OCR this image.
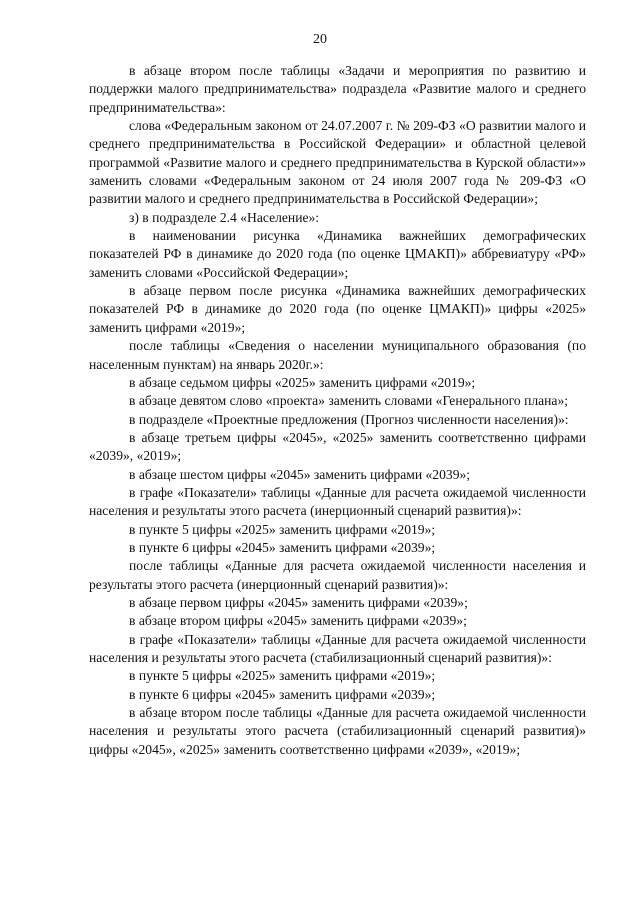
20

в абзаце втором после таблицы «Задачи и мероприятия по развитию и поддержки малого предпринимательства» подраздела «Развитие малого и среднего предпринимательства»:

слова «Федеральным законом от 24.07.2007 г. № 209-ФЗ «О развитии малого и среднего предпринимательства в Российской Федерации» и областной целевой программой «Развитие малого и среднего предпринимательства в Курской области»» заменить словами «Федеральным законом от 24 июля 2007 года № 209-ФЗ «О развитии малого и среднего предпринимательства в Российской Федерации»;

з) в подразделе 2.4 «Население»:

в наименовании рисунка «Динамика важнейших демографических показателей РФ в динамике до 2020 года (по оценке ЦМАКП)» аббревиатуру «РФ» заменить словами «Российской Федерации»;

в абзаце первом после рисунка «Динамика важнейших демографических показателей РФ в динамике до 2020 года (по оценке ЦМАКП)» цифры «2025» заменить цифрами «2019»;

после таблицы «Сведения о населении муниципального образования (по населенным пунктам) на январь 2020г.»:

в абзаце седьмом цифры «2025» заменить цифрами «2019»;

в абзаце девятом слово «проекта» заменить словами «Генерального плана»;

в подразделе «Проектные предложения (Прогноз численности населения)»:

в абзаце третьем цифры «2045», «2025» заменить соответственно цифрами «2039», «2019»;

в абзаце шестом цифры «2045» заменить цифрами «2039»;

в графе «Показатели» таблицы «Данные для расчета ожидаемой численности населения и результаты этого расчета (инерционный сценарий развития)»:

в пункте 5 цифры «2025» заменить цифрами «2019»;

в пункте 6 цифры «2045» заменить цифрами «2039»;

после таблицы «Данные для расчета ожидаемой численности населения и результаты этого расчета (инерционный сценарий развития)»:

в абзаце первом цифры «2045» заменить цифрами «2039»;

в абзаце втором цифры «2045» заменить цифрами «2039»;

в графе «Показатели» таблицы «Данные для расчета ожидаемой численности населения и результаты этого расчета (стабилизационный сценарий развития)»:

в пункте 5 цифры «2025» заменить цифрами «2019»;

в пункте 6 цифры «2045» заменить цифрами «2039»;

в абзаце втором после таблицы «Данные для расчета ожидаемой численности населения и результаты этого расчета (стабилизационный сценарий развития)» цифры «2045», «2025» заменить соответственно цифрами «2039», «2019»;
